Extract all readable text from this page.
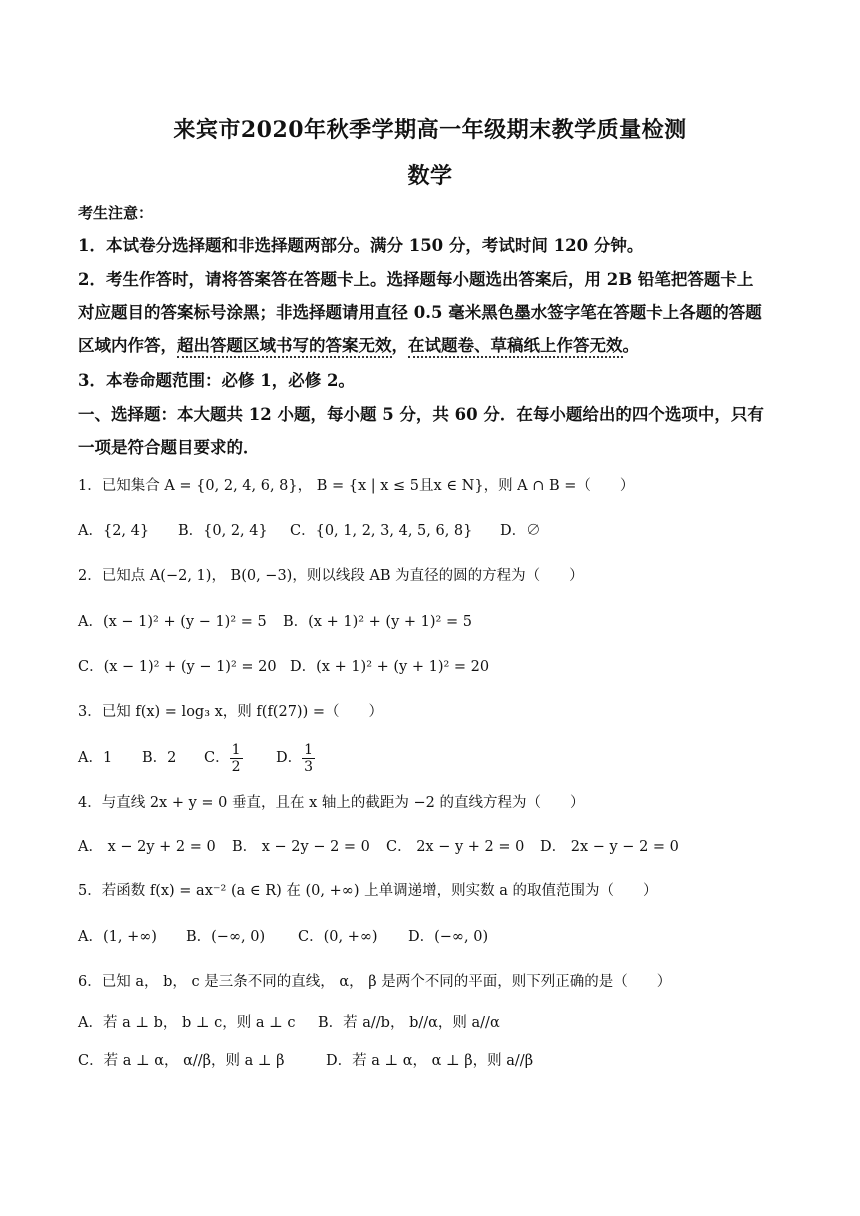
来宾市2020年秋季学期高一年级期末教学质量检测
数学
考生注意：
1．本试卷分选择题和非选择题两部分。满分 150 分，考试时间 120 分钟。
2．考生作答时，请将答案答在答题卡上。选择题每小题选出答案后，用 2B 铅笔把答题卡上
对应题目的答案标号涂黑；非选择题请用直径 0.5 毫米黑色墨水签字笔在答题卡上各题的答题
区域内作答，超出答题区域书写的答案无效，在试题卷、草稿纸上作答无效。
3．本卷命题范围：必修 1，必修 2。
一、选择题：本大题共 12 小题，每小题 5 分，共 60 分．在每小题给出的四个选项中，只有
一项是符合题目要求的．
1．已知集合 A = {0, 2, 4, 6, 8}， B = {x | x ≤ 5且x ∈ N}，则 A ∩ B =（　　）
A．{2, 4} B．{0, 2, 4} C．{0, 1, 2, 3, 4, 5, 6, 8} D．∅
2．已知点 A(−2, 1)， B(0, −3)，则以线段 AB 为直径的圆的方程为（　　）
A．(x − 1)² + (y − 1)² = 5 B．(x + 1)² + (y + 1)² = 5
C．(x − 1)² + (y − 1)² = 20 D．(x + 1)² + (y + 1)² = 20
3．已知 f(x) = log₃ x，则 f(f(27)) =（　　）
A．1 B．2 C． $\frac{1}{2}$ D． $\frac{1}{3}$
4．与直线 2x + y = 0 垂直，且在 x 轴上的截距为 −2 的直线方程为（　　）
A． x − 2y + 2 = 0 B． x − 2y − 2 = 0 C． 2x − y + 2 = 0 D． 2x − y − 2 = 0
5．若函数 f(x) = ax⁻² (a ∈ R) 在 (0, +∞) 上单调递增，则实数 a 的取值范围为（　　）
A．(1, +∞) B．(−∞, 0) C．(0, +∞) D．(−∞, 0)
6．已知 a， b， c 是三条不同的直线， α， β 是两个不同的平面，则下列正确的是（　　）
A．若 a ⊥ b， b ⊥ c，则 a ⊥ c B．若 a//b， b//α，则 a//α
C．若 a ⊥ α， α//β，则 a ⊥ β	D．若 a ⊥ α， α ⊥ β，则 a//β
